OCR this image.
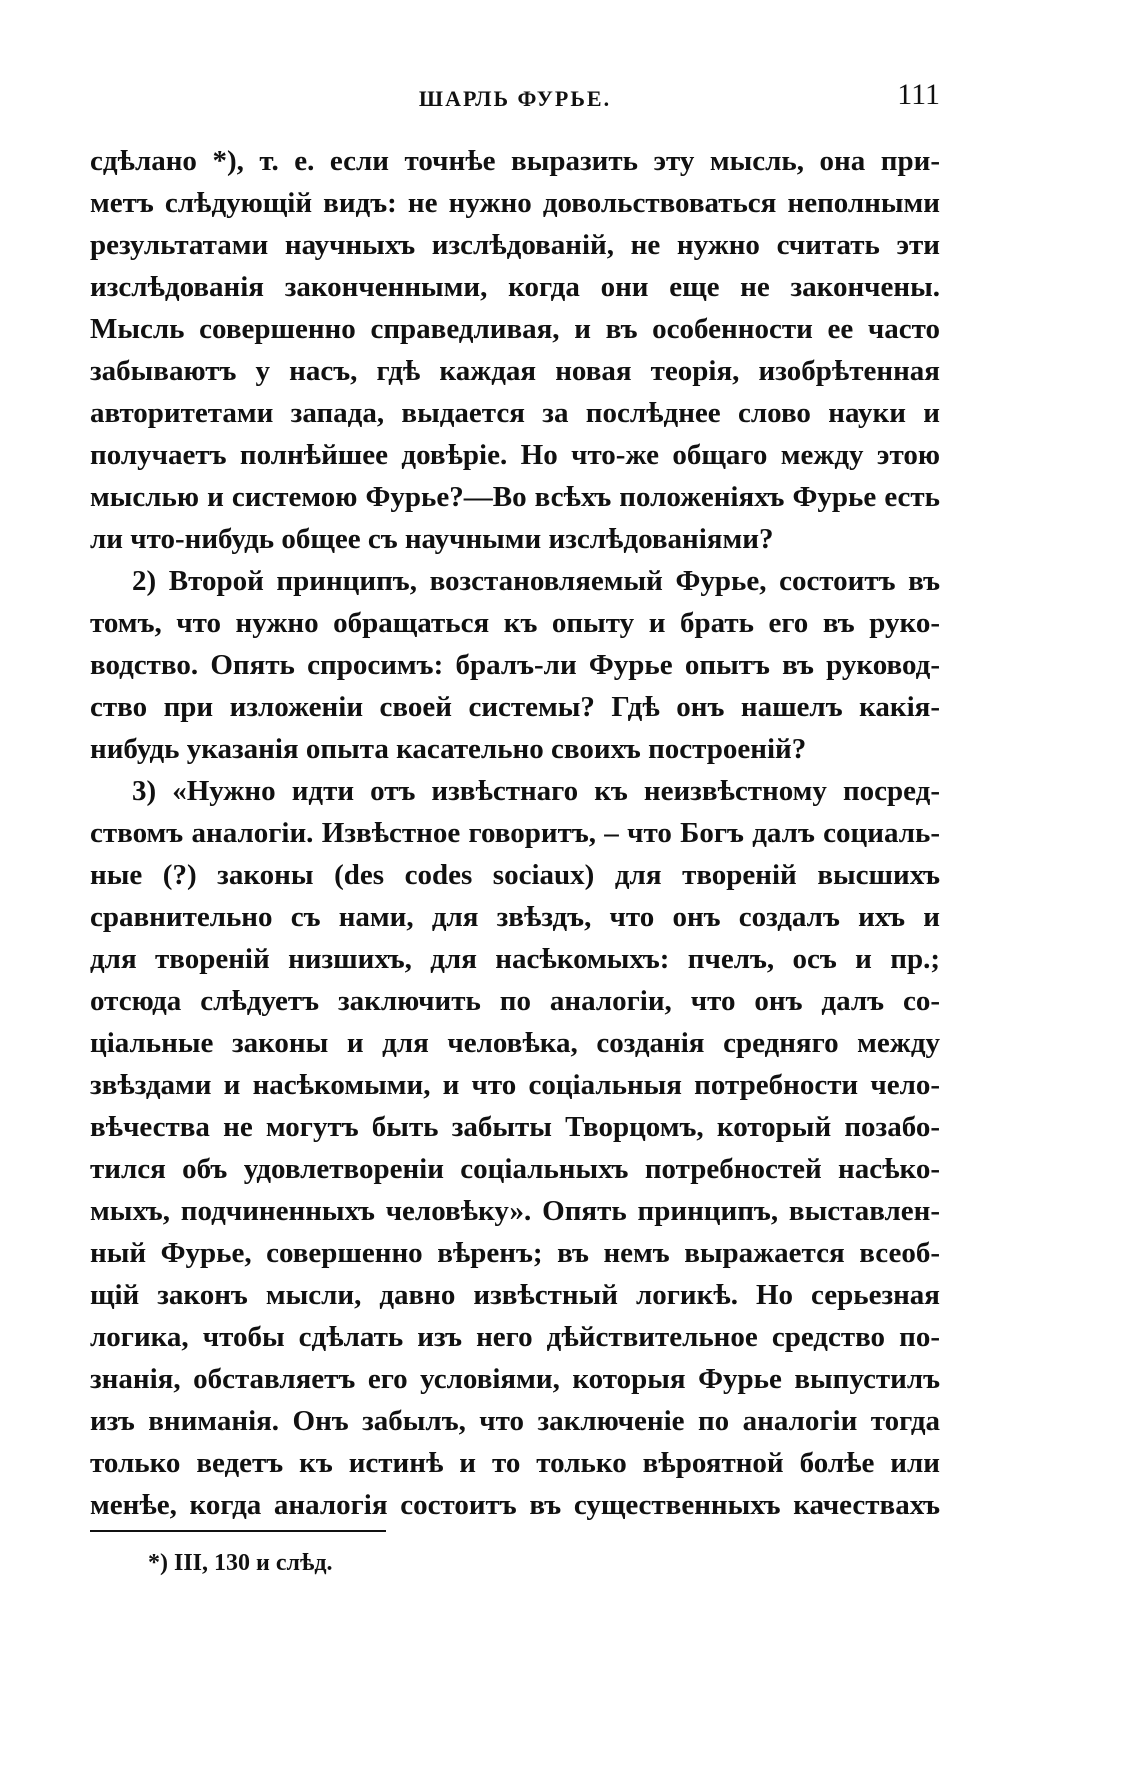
ШАРЛЬ ФУРЬЕ.	111
сдѣлано *), т. е. если точнѣе выразить эту мысль, она при-
метъ слѣдующій видъ: не нужно довольствоваться неполными
результатами научныхъ изслѣдованій, не нужно считать эти
изслѣдованія законченными, когда они еще не закончены.
Мысль совершенно справедливая, и въ особенности ее часто
забываютъ у насъ, гдѣ каждая новая теорія, изобрѣтенная
авторитетами запада, выдается за послѣднее слово науки и
получаетъ полнѣйшее довѣріе. Но что-же общаго между этою
мыслью и системою Фурье?—Во всѣхъ положеніяхъ Фурье есть
ли что-нибудь общее съ научными изслѣдованіями?
2) Второй принципъ, возстановляемый Фурье, состоитъ въ
томъ, что нужно обращаться къ опыту и брать его въ руко-
водство. Опять спросимъ: бралъ-ли Фурье опытъ въ руковод-
ство при изложеніи своей системы? Гдѣ онъ нашелъ какія-
нибудь указанія опыта касательно своихъ построеній?
3) «Нужно идти отъ извѣстнаго къ неизвѣстному посред-
ствомъ аналогіи. Извѣстное говоритъ, – что Богъ далъ социаль-
ные (?) законы (des codes sociaux) для твореній высшихъ
сравнительно съ нами, для звѣздъ, что онъ создалъ ихъ и
для твореній низшихъ, для насѣкомыхъ: пчелъ, осъ и пр.;
отсюда слѣдуетъ заключить по аналогіи, что онъ далъ со-
ціальные законы и для человѣка, созданія средняго между
звѣздами и насѣкомыми, и что соціальныя потребности чело-
вѣчества не могутъ быть забыты Творцомъ, который позабо-
тился объ удовлетвореніи соціальныхъ потребностей насѣко-
мыхъ, подчиненныхъ человѣку». Опять принципъ, выставлен-
ный Фурье, совершенно вѣренъ; въ немъ выражается всеоб-
щій законъ мысли, давно извѣстный логикѣ. Но серьезная
логика, чтобы сдѣлать изъ него дѣйствительное средство по-
знанія, обставляетъ его условіями, которыя Фурье выпустилъ
изъ вниманія. Онъ забылъ, что заключеніе по аналогіи тогда
только ведетъ къ истинѣ и то только вѣроятной болѣе или
менѣе, когда аналогія состоитъ въ существенныхъ качествахъ
*) III, 130 и слѣд.
